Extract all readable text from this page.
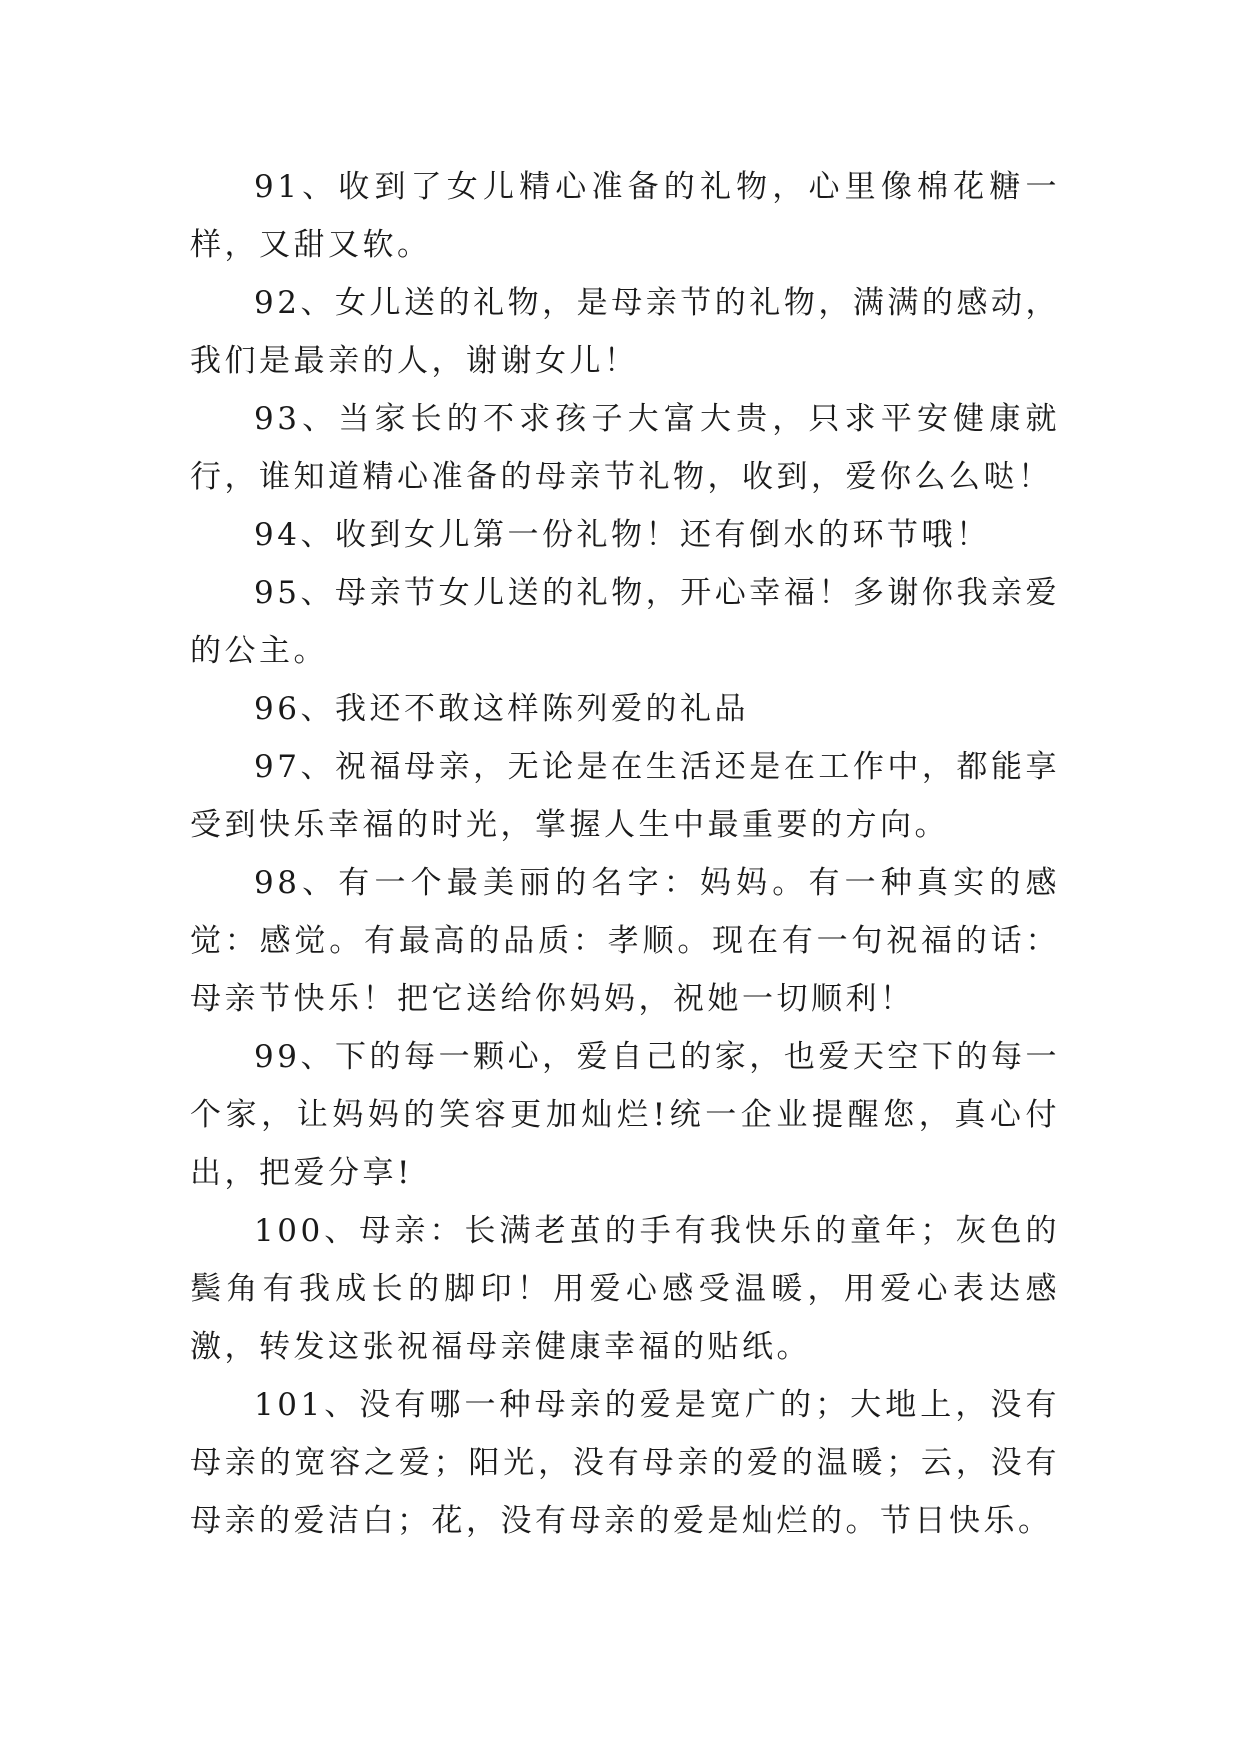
91、收到了女儿精心准备的礼物，心里像棉花糖一样，又甜又软。

92、女儿送的礼物，是母亲节的礼物，满满的感动，我们是最亲的人，谢谢女儿！

93、当家长的不求孩子大富大贵，只求平安健康就行，谁知道精心准备的母亲节礼物，收到，爱你么么哒！

94、收到女儿第一份礼物！还有倒水的环节哦！

95、母亲节女儿送的礼物，开心幸福！多谢你我亲爱的公主。

96、我还不敢这样陈列爱的礼品

97、祝福母亲，无论是在生活还是在工作中，都能享受到快乐幸福的时光，掌握人生中最重要的方向。

98、有一个最美丽的名字：妈妈。有一种真实的感觉：感觉。有最高的品质：孝顺。现在有一句祝福的话：母亲节快乐！把它送给你妈妈，祝她一切顺利！

99、下的每一颗心，爱自己的家，也爱天空下的每一个家，让妈妈的笑容更加灿烂!统一企业提醒您，真心付出，把爱分享!

100、母亲：长满老茧的手有我快乐的童年；灰色的鬓角有我成长的脚印！用爱心感受温暖，用爱心表达感激，转发这张祝福母亲健康幸福的贴纸。

101、没有哪一种母亲的爱是宽广的；大地上，没有母亲的宽容之爱；阳光，没有母亲的爱的温暖；云，没有母亲的爱洁白；花，没有母亲的爱是灿烂的。节日快乐。
